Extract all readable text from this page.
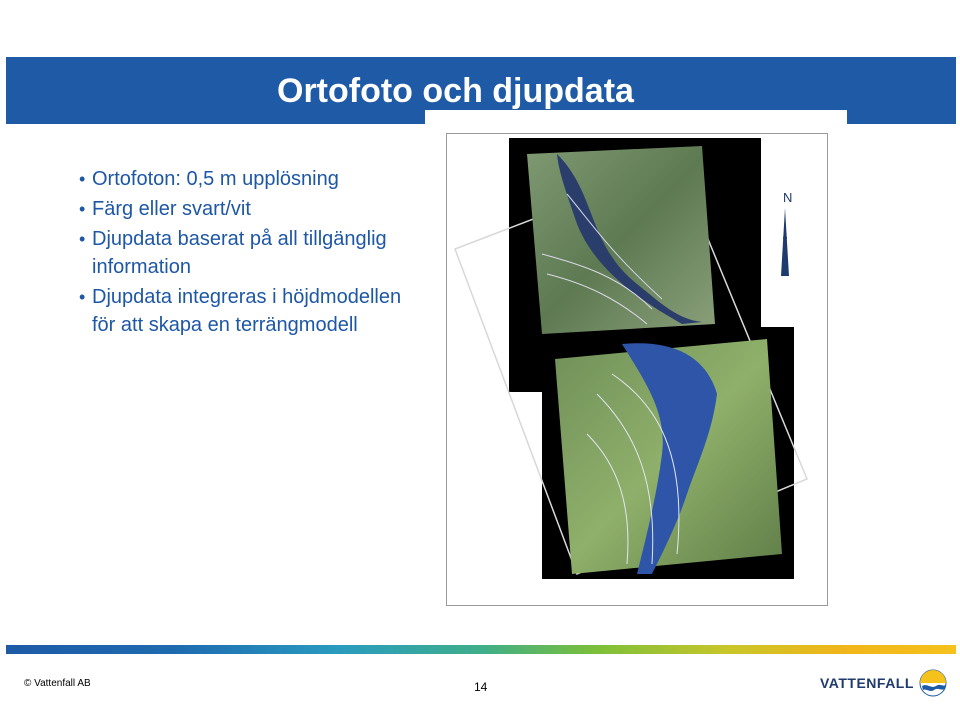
Ortofoto och djupdata
• Ortofoton: 0,5 m upplösning
• Färg eller svart/vit
• Djupdata baserat på all tillgänglig information
• Djupdata integreras i höjdmodellen för att skapa en terrängmodell
N
© Vattenfall AB	14	VATTENFALL
